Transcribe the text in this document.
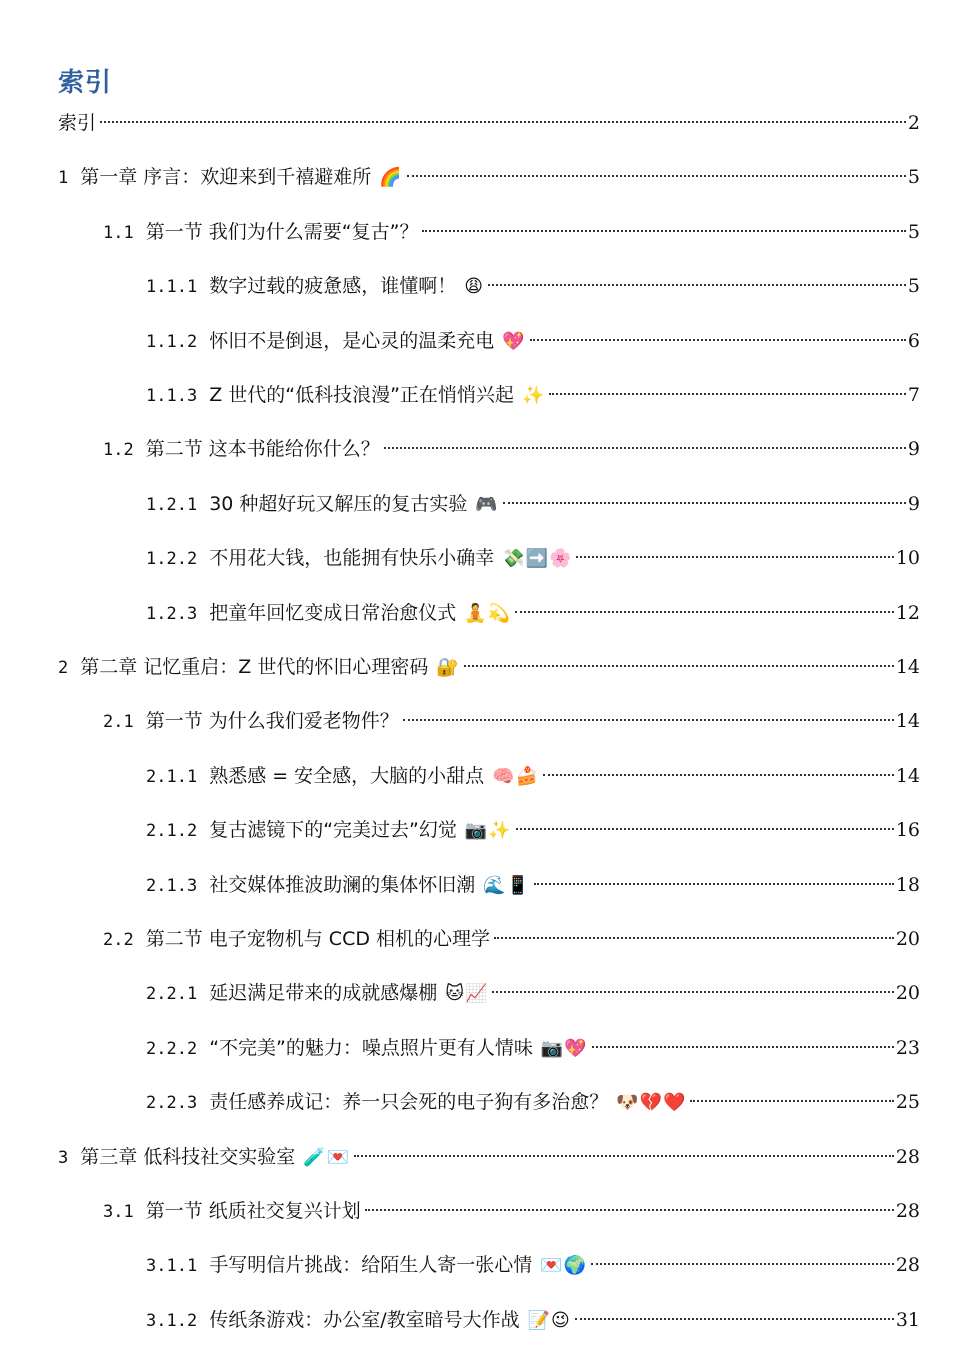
索引
索引	2
1 第一章 序言：欢迎来到千禧避难所 🌈	5
1.1 第一节 我们为什么需要“复古”？	5
1.1.1 数字过载的疲惫感，谁懂啊！ 😩	5
1.1.2 怀旧不是倒退，是心灵的温柔充电 💖	6
1.1.3 Z 世代的“低科技浪漫”正在悄悄兴起 ✨	7
1.2 第二节 这本书能给你什么？	9
1.2.1 30 种超好玩又解压的复古实验 🎮	9
1.2.2 不用花大钱，也能拥有快乐小确幸 💸➡️🌸	10
1.2.3 把童年回忆变成日常治愈仪式 🧘💫	12
2 第二章 记忆重启：Z 世代的怀旧心理密码 🔐	14
2.1 第一节 为什么我们爱老物件？	14
2.1.1 熟悉感 = 安全感，大脑的小甜点 🧠🍰	14
2.1.2 复古滤镜下的“完美过去”幻觉 📷✨	16
2.1.3 社交媒体推波助澜的集体怀旧潮 🌊📱	18
2.2 第二节 电子宠物机与 CCD 相机的心理学	20
2.2.1 延迟满足带来的成就感爆棚 🐱📈	20
2.2.2 “不完美”的魅力：噪点照片更有人情味 📷💖	23
2.2.3 责任感养成记：养一只会死的电子狗有多治愈？ 🐶💔❤️	25
3 第三章 低科技社交实验室 🧪💌	28
3.1 第一节 纸质社交复兴计划	28
3.1.1 手写明信片挑战：给陌生人寄一张心情 💌🌍	28
3.1.2 传纸条游戏：办公室/教室暗号大作战 📝😉	31
